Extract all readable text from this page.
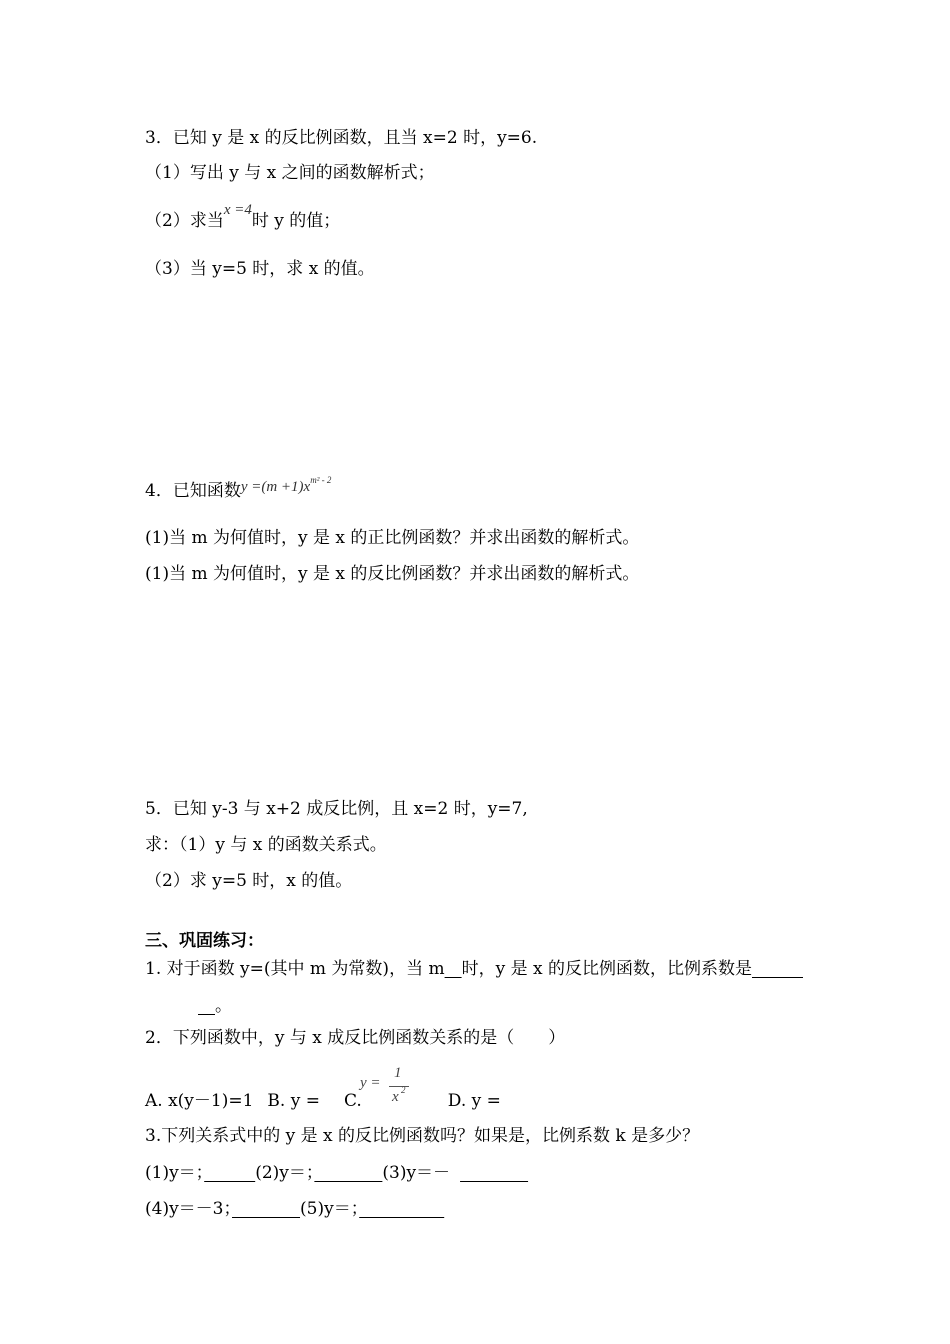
3．已知 y 是 x 的反比例函数，且当 x=2 时，y=6.
（1）写出 y 与 x 之间的函数解析式；
（2）求当x =4时 y 的值；
（3）当 y=5 时，求 x 的值。
4．已知函数$y =(m +1)x^{m^2 - 2}$
(1)当 m 为何值时，y 是 x 的正比例函数？并求出函数的解析式。
(1)当 m 为何值时，y 是 x 的反比例函数？并求出函数的解析式。
5．已知 y-3 与 x+2 成反比例，且 x=2 时，y=7,
求：（1）y 与 x 的函数关系式。
（2）求 y=5 时，x 的值。
三、巩固练习：
1. 对于函数 y=(其中 m 为常数)，当 m　 时，y 是 x 的反比例函数，比例系数是　　　
　。
2．下列函数中，y 与 x 成反比例函数关系的是（　　）
A. x(y－1)=1 B. y = C.	D. y =
y =
1
x 2
3.下列关系式中的 y 是 x 的反比例函数吗？如果是，比例系数 k 是多少？
(1)y＝；　　　	(2)y＝；　　　　	(3)y＝－　　　　
(4)y＝－3；　　　　	(5)y＝；　　　　　
